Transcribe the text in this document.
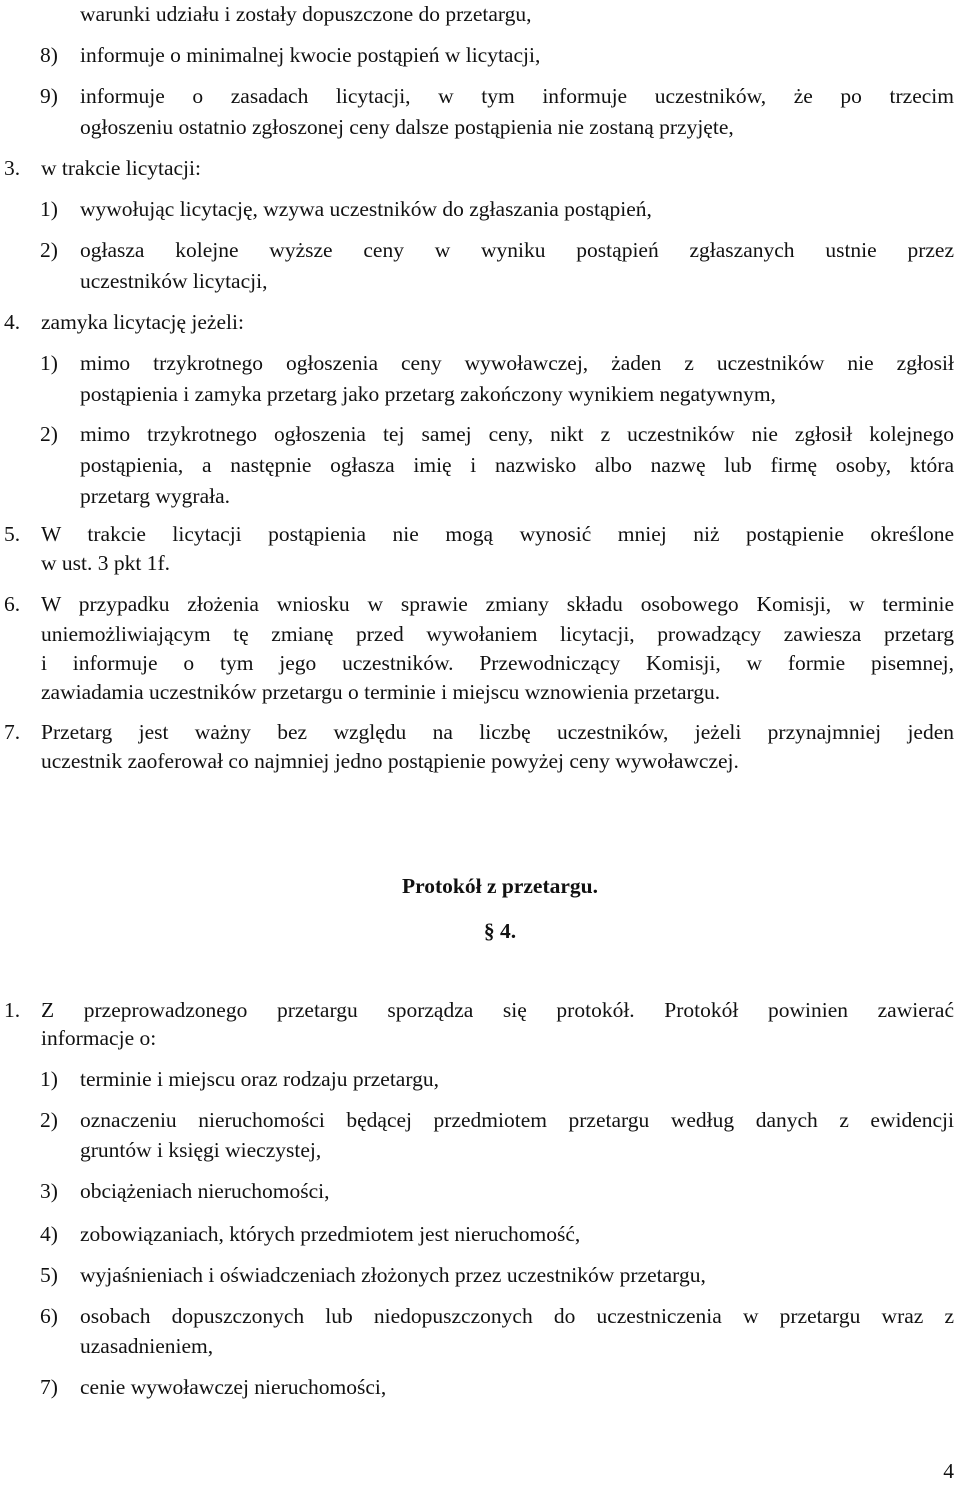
warunki udziału i zostały dopuszczone do przetargu,
8) informuje o minimalnej kwocie postąpień w licytacji,
9) informuje o zasadach licytacji, w tym informuje uczestników, że po trzecim
ogłoszeniu ostatnio zgłoszonej ceny dalsze postąpienia nie zostaną przyjęte,
3. w trakcie licytacji:
1) wywołując licytację, wzywa uczestników do zgłaszania postąpień,
2) ogłasza kolejne wyższe ceny w wyniku postąpień zgłaszanych ustnie przez
uczestników licytacji,
4. zamyka licytację jeżeli:
1) mimo trzykrotnego ogłoszenia ceny wywoławczej, żaden z uczestników nie zgłosił
postąpienia i zamyka przetarg jako przetarg zakończony wynikiem negatywnym,
2) mimo trzykrotnego ogłoszenia tej samej ceny, nikt z uczestników nie zgłosił kolejnego
postąpienia, a następnie ogłasza imię i nazwisko albo nazwę lub firmę osoby, która
przetarg wygrała.
5. W trakcie licytacji postąpienia nie mogą wynosić mniej niż postąpienie określone
w ust. 3 pkt 1f.
6. W przypadku złożenia wniosku w sprawie zmiany składu osobowego Komisji, w terminie
uniemożliwiającym tę zmianę przed wywołaniem licytacji, prowadzący zawiesza przetarg
i informuje o tym jego uczestników. Przewodniczący Komisji, w formie pisemnej,
zawiadamia uczestników przetargu o terminie i miejscu wznowienia przetargu.
7. Przetarg jest ważny bez względu na liczbę uczestników, jeżeli przynajmniej jeden
uczestnik zaoferował co najmniej jedno postąpienie powyżej ceny wywoławczej.
Protokół z przetargu.
§ 4.
1. Z przeprowadzonego przetargu sporządza się protokół. Protokół powinien zawierać
informacje o:
1) terminie i miejscu oraz rodzaju przetargu,
2) oznaczeniu nieruchomości będącej przedmiotem przetargu według danych z ewidencji
gruntów i księgi wieczystej,
3) obciążeniach nieruchomości,
4) zobowiązaniach, których przedmiotem jest nieruchomość,
5) wyjaśnieniach i oświadczeniach złożonych przez uczestników przetargu,
6) osobach dopuszczonych lub niedopuszczonych do uczestniczenia w przetargu wraz z
uzasadnieniem,
7) cenie wywoławczej nieruchomości,
4
